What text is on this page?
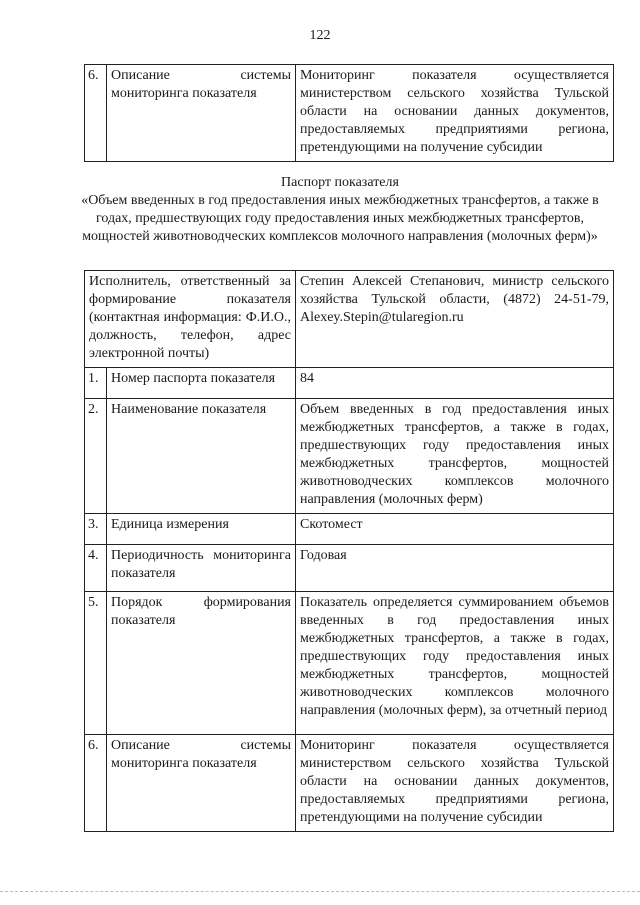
122
6.	Описание системы мониторинга показателя	Мониторинг показателя осуществляется министерством сельского хозяйства Тульской области на основании данных документов, предоставляемых предприятиями региона, претендующими на получение субсидии
Паспорт показателя
«Объем введенных в год предоставления иных межбюджетных трансфертов, а также в годах, предшествующих году предоставления иных межбюджетных трансфертов, мощностей животноводческих комплексов молочного направления (молочных ферм)»
Исполнитель, ответственный за формирование показателя (контактная информация: Ф.И.О., должность, телефон, адрес электронной почты)		Степин Алексей Степанович, министр сельского хозяйства Тульской области, (4872) 24-51-79, Alexey.Stepin@tularegion.ru
1.	Номер паспорта показателя	84
2.	Наименование показателя	Объем введенных в год предоставления иных межбюджетных трансфертов, а также в годах, предшествующих году предоставления иных межбюджетных трансфертов, мощностей животноводческих комплексов молочного направления (молочных ферм)
3.	Единица измерения	Скотомест
4.	Периодичность мониторинга показателя	Годовая
5.	Порядок формирования показателя	Показатель определяется суммированием объемов введенных в год предоставления иных межбюджетных трансфертов, а также в годах, предшествующих году предоставления иных межбюджетных трансфертов, мощностей животноводческих комплексов молочного направления (молочных ферм), за отчетный период
6.	Описание системы мониторинга показателя	Мониторинг показателя осуществляется министерством сельского хозяйства Тульской области на основании данных документов, предоставляемых предприятиями региона, претендующими на получение субсидии
